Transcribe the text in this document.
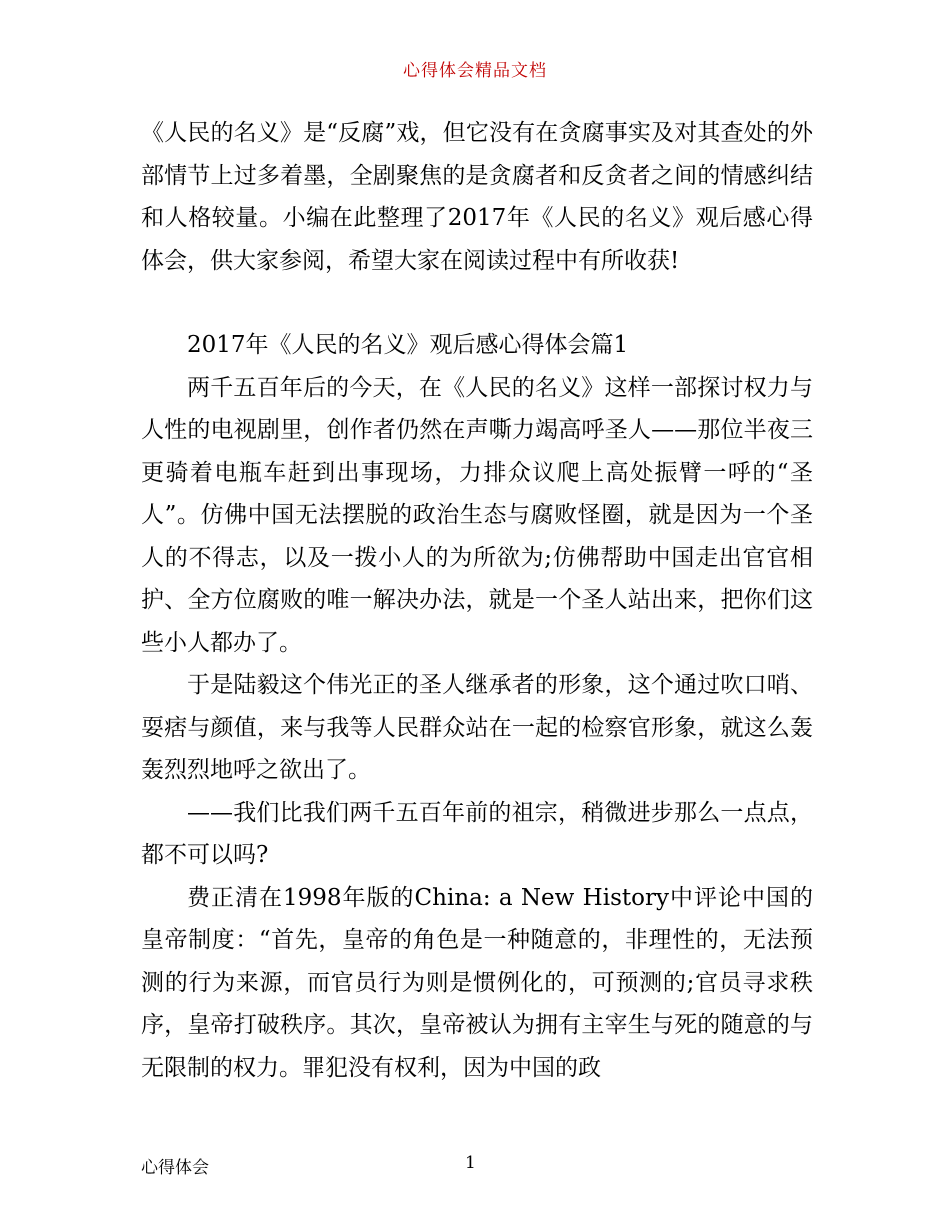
心得体会精品文档

《人民的名义》是“反腐”戏，但它没有在贪腐事实及对其查处的外部情节上过多着墨，全剧聚焦的是贪腐者和反贪者之间的情感纠结和人格较量。小编在此整理了2017年《人民的名义》观后感心得体会，供大家参阅，希望大家在阅读过程中有所收获!

2017年《人民的名义》观后感心得体会篇1

两千五百年后的今天，在《人民的名义》这样一部探讨权力与人性的电视剧里，创作者仍然在声嘶力竭高呼圣人——那位半夜三更骑着电瓶车赶到出事现场，力排众议爬上高处振臂一呼的“圣人”。仿佛中国无法摆脱的政治生态与腐败怪圈，就是因为一个圣人的不得志，以及一拨小人的为所欲为;仿佛帮助中国走出官官相护、全方位腐败的唯一解决办法，就是一个圣人站出来，把你们这些小人都办了。

于是陆毅这个伟光正的圣人继承者的形象，这个通过吹口哨、耍痞与颜值，来与我等人民群众站在一起的检察官形象，就这么轰轰烈烈地呼之欲出了。

——我们比我们两千五百年前的祖宗，稍微进步那么一点点，都不可以吗?

费正清在1998年版的China: a New History中评论中国的皇帝制度：“首先，皇帝的角色是一种随意的，非理性的，无法预测的行为来源，而官员行为则是惯例化的，可预测的;官员寻求秩序，皇帝打破秩序。其次，皇帝被认为拥有主宰生与死的随意的与无限制的权力。罪犯没有权利，因为中国的政

心得体会	1
